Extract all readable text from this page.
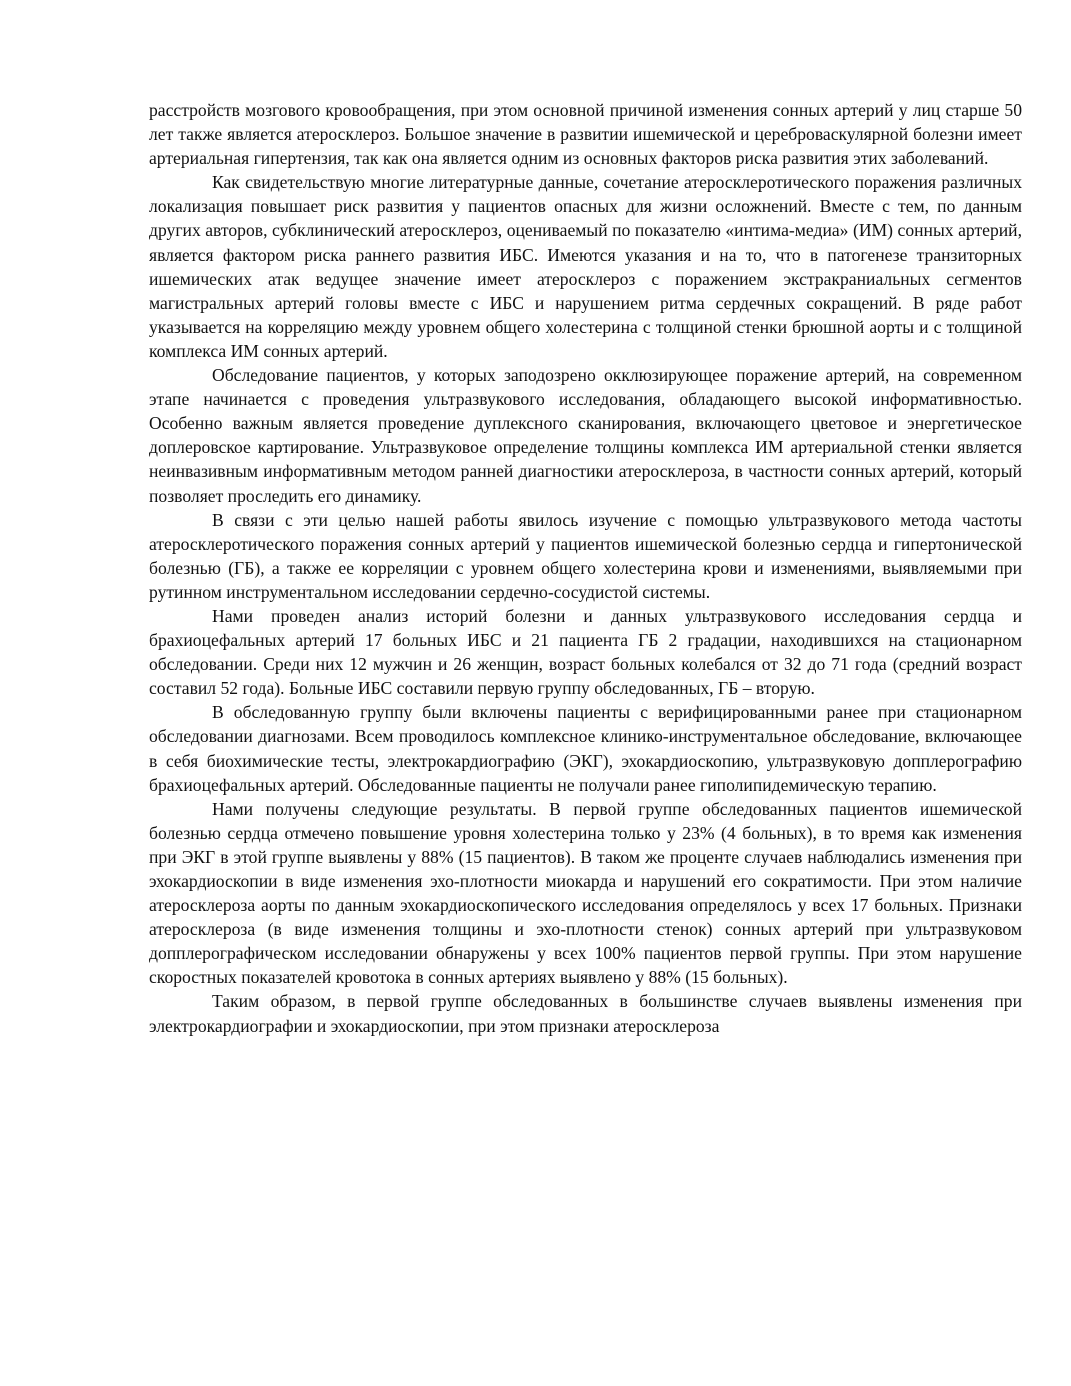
расстройств мозгового кровообращения, при этом основной причиной изменения сонных артерий у лиц старше 50 лет также является атеросклероз. Большое значение в развитии ишемической и цереброваскулярной болезни имеет артериальная гипертензия, так как она является одним из основных факторов риска развития этих заболеваний.

Как свидетельствую многие литературные данные, сочетание атеросклеротического поражения различных локализация повышает риск развития у пациентов опасных для жизни осложнений. Вместе с тем, по данным других авторов, субклинический атеросклероз, оцениваемый по показателю «интима-медиа» (ИМ) сонных артерий, является фактором риска раннего развития ИБС. Имеются указания и на то, что в патогенезе транзиторных ишемических атак ведущее значение имеет атеросклероз с поражением экстракраниальных сегментов магистральных артерий головы вместе с ИБС и нарушением ритма сердечных сокращений. В ряде работ указывается на корреляцию между уровнем общего холестерина с толщиной стенки брюшной аорты и с толщиной комплекса ИМ сонных артерий.

Обследование пациентов, у которых заподозрено окклюзирующее поражение артерий, на современном этапе начинается с проведения ультразвукового исследования, обладающего высокой информативностью. Особенно важным является проведение дуплексного сканирования, включающего цветовое и энергетическое доплеровское картирование. Ультразвуковое определение толщины комплекса ИМ артериальной стенки является неинвазивным информативным методом ранней диагностики атеросклероза, в частности сонных артерий, который позволяет проследить его динамику.

В связи с эти целью нашей работы явилось изучение с помощью ультразвукового метода частоты атеросклеротического поражения сонных артерий у пациентов ишемической болезнью сердца и гипертонической болезнью (ГБ), а также ее корреляции с уровнем общего холестерина крови и изменениями, выявляемыми при рутинном инструментальном исследовании сердечно-сосудистой системы.

Нами проведен анализ историй болезни и данных ультразвукового исследования сердца и брахиоцефальных артерий 17 больных ИБС и 21 пациента ГБ 2 градации, находившихся на стационарном обследовании. Среди них 12 мужчин и 26 женщин, возраст больных колебался от 32 до 71 года (средний возраст составил 52 года). Больные ИБС составили первую группу обследованных, ГБ – вторую.

В обследованную группу были включены пациенты с верифицированными ранее при стационарном обследовании диагнозами. Всем проводилось комплексное клинико-инструментальное обследование, включающее в себя биохимические тесты, электрокардиографию (ЭКГ), эхокардиоскопию, ультразвуковую допплерографию брахиоцефальных артерий. Обследованные пациенты не получали ранее гиполипидемическую терапию.

Нами получены следующие результаты. В первой группе обследованных пациентов ишемической болезнью сердца отмечено повышение уровня холестерина только у 23% (4 больных), в то время как изменения при ЭКГ в этой группе выявлены у 88% (15 пациентов). В таком же проценте случаев наблюдались изменения при эхокардиоскопии в виде изменения эхо-плотности миокарда и нарушений его сократимости. При этом наличие атеросклероза аорты по данным эхокардиоскопического исследования определялось у всех 17 больных. Признаки атеросклероза (в виде изменения толщины и эхо-плотности стенок) сонных артерий при ультразвуковом допплерографическом исследовании обнаружены у всех 100% пациентов первой группы. При этом нарушение скоростных показателей кровотока в сонных артериях выявлено у 88% (15 больных).

Таким образом, в первой группе обследованных в большинстве случаев выявлены изменения при электрокардиографии и эхокардиоскопии, при этом признаки атеросклероза
